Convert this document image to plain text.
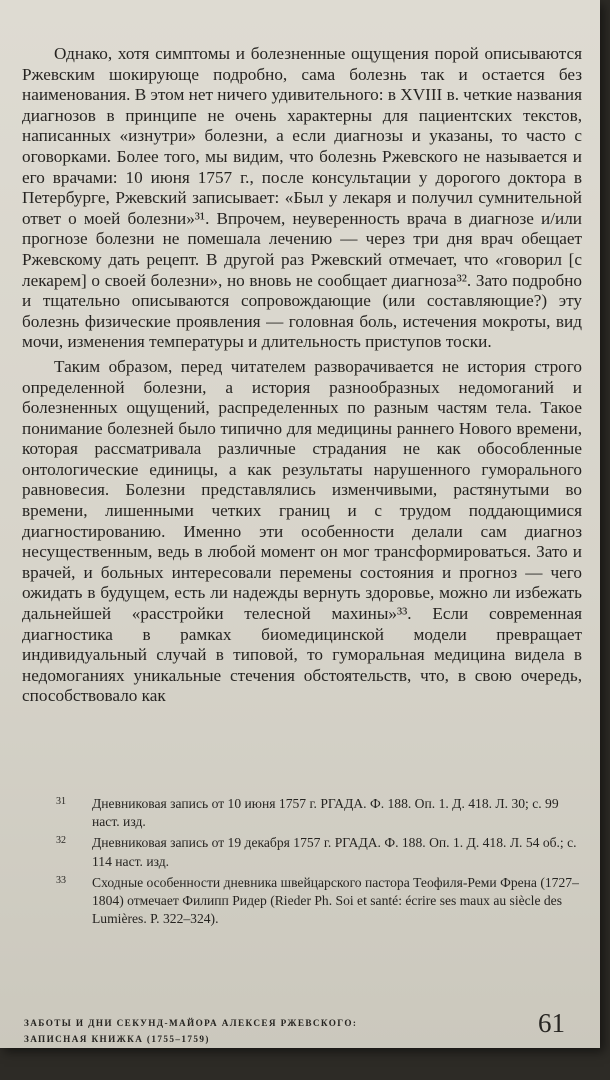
Однако, хотя симптомы и болезненные ощущения порой описываются Ржевским шокирующе подробно, сама болезнь так и остается без наименования. В этом нет ничего удивительного: в XVIII в. четкие названия диагнозов в принципе не очень характерны для пациентских текстов, написанных «изнутри» болезни, а если диагнозы и указаны, то часто с оговорками. Более того, мы видим, что болезнь Ржевского не называется и его врачами: 10 июня 1757 г., после консультации у дорогого доктора в Петербурге, Ржевский записывает: «Был у лекаря и получил сумнительной ответ о моей болезни»³¹. Впрочем, неуверенность врача в диагнозе и/или прогнозе болезни не помешала лечению — через три дня врач обещает Ржевскому дать рецепт. В другой раз Ржевский отмечает, что «говорил [с лекарем] о своей болезни», но вновь не сообщает диагноза³². Зато подробно и тщательно описываются сопровождающие (или составляющие?) эту болезнь физические проявления — головная боль, истечения мокроты, вид мочи, изменения температуры и длительность приступов тоски.

Таким образом, перед читателем разворачивается не история строго определенной болезни, а история разнообразных недомоганий и болезненных ощущений, распределенных по разным частям тела. Такое понимание болезней было типично для медицины раннего Нового времени, которая рассматривала различные страдания не как обособленные онтологические единицы, а как результаты нарушенного гуморального равновесия. Болезни представлялись изменчивыми, растянутыми во времени, лишенными четких границ и с трудом поддающимися диагностированию. Именно эти особенности делали сам диагноз несущественным, ведь в любой момент он мог трансформироваться. Зато и врачей, и больных интересовали перемены состояния и прогноз — чего ожидать в будущем, есть ли надежды вернуть здоровье, можно ли избежать дальнейшей «расстройки телесной махины»³³. Если современная диагностика в рамках биомедицинской модели превращает индивидуальный случай в типовой, то гуморальная медицина видела в недомоганиях уникальные стечения обстоятельств, что, в свою очередь, способствовало как

31 Дневниковая запись от 10 июня 1757 г. РГАДА. Ф. 188. Оп. 1. Д. 418. Л. 30; с. 99 наст. изд.
32 Дневниковая запись от 19 декабря 1757 г. РГАДА. Ф. 188. Оп. 1. Д. 418. Л. 54 об.; с. 114 наст. изд.
33 Сходные особенности дневника швейцарского пастора Теофиля-Реми Френа (1727–1804) отмечает Филипп Ридер (Rieder Ph. Soi et santé: écrire ses maux au siècle des Lumières. P. 322–324).
ЗАБОТЫ И ДНИ СЕКУНД-МАЙОРА АЛЕКСЕЯ РЖЕВСКОГО:
ЗАПИСНАЯ КНИЖКА (1755–1759)
61
